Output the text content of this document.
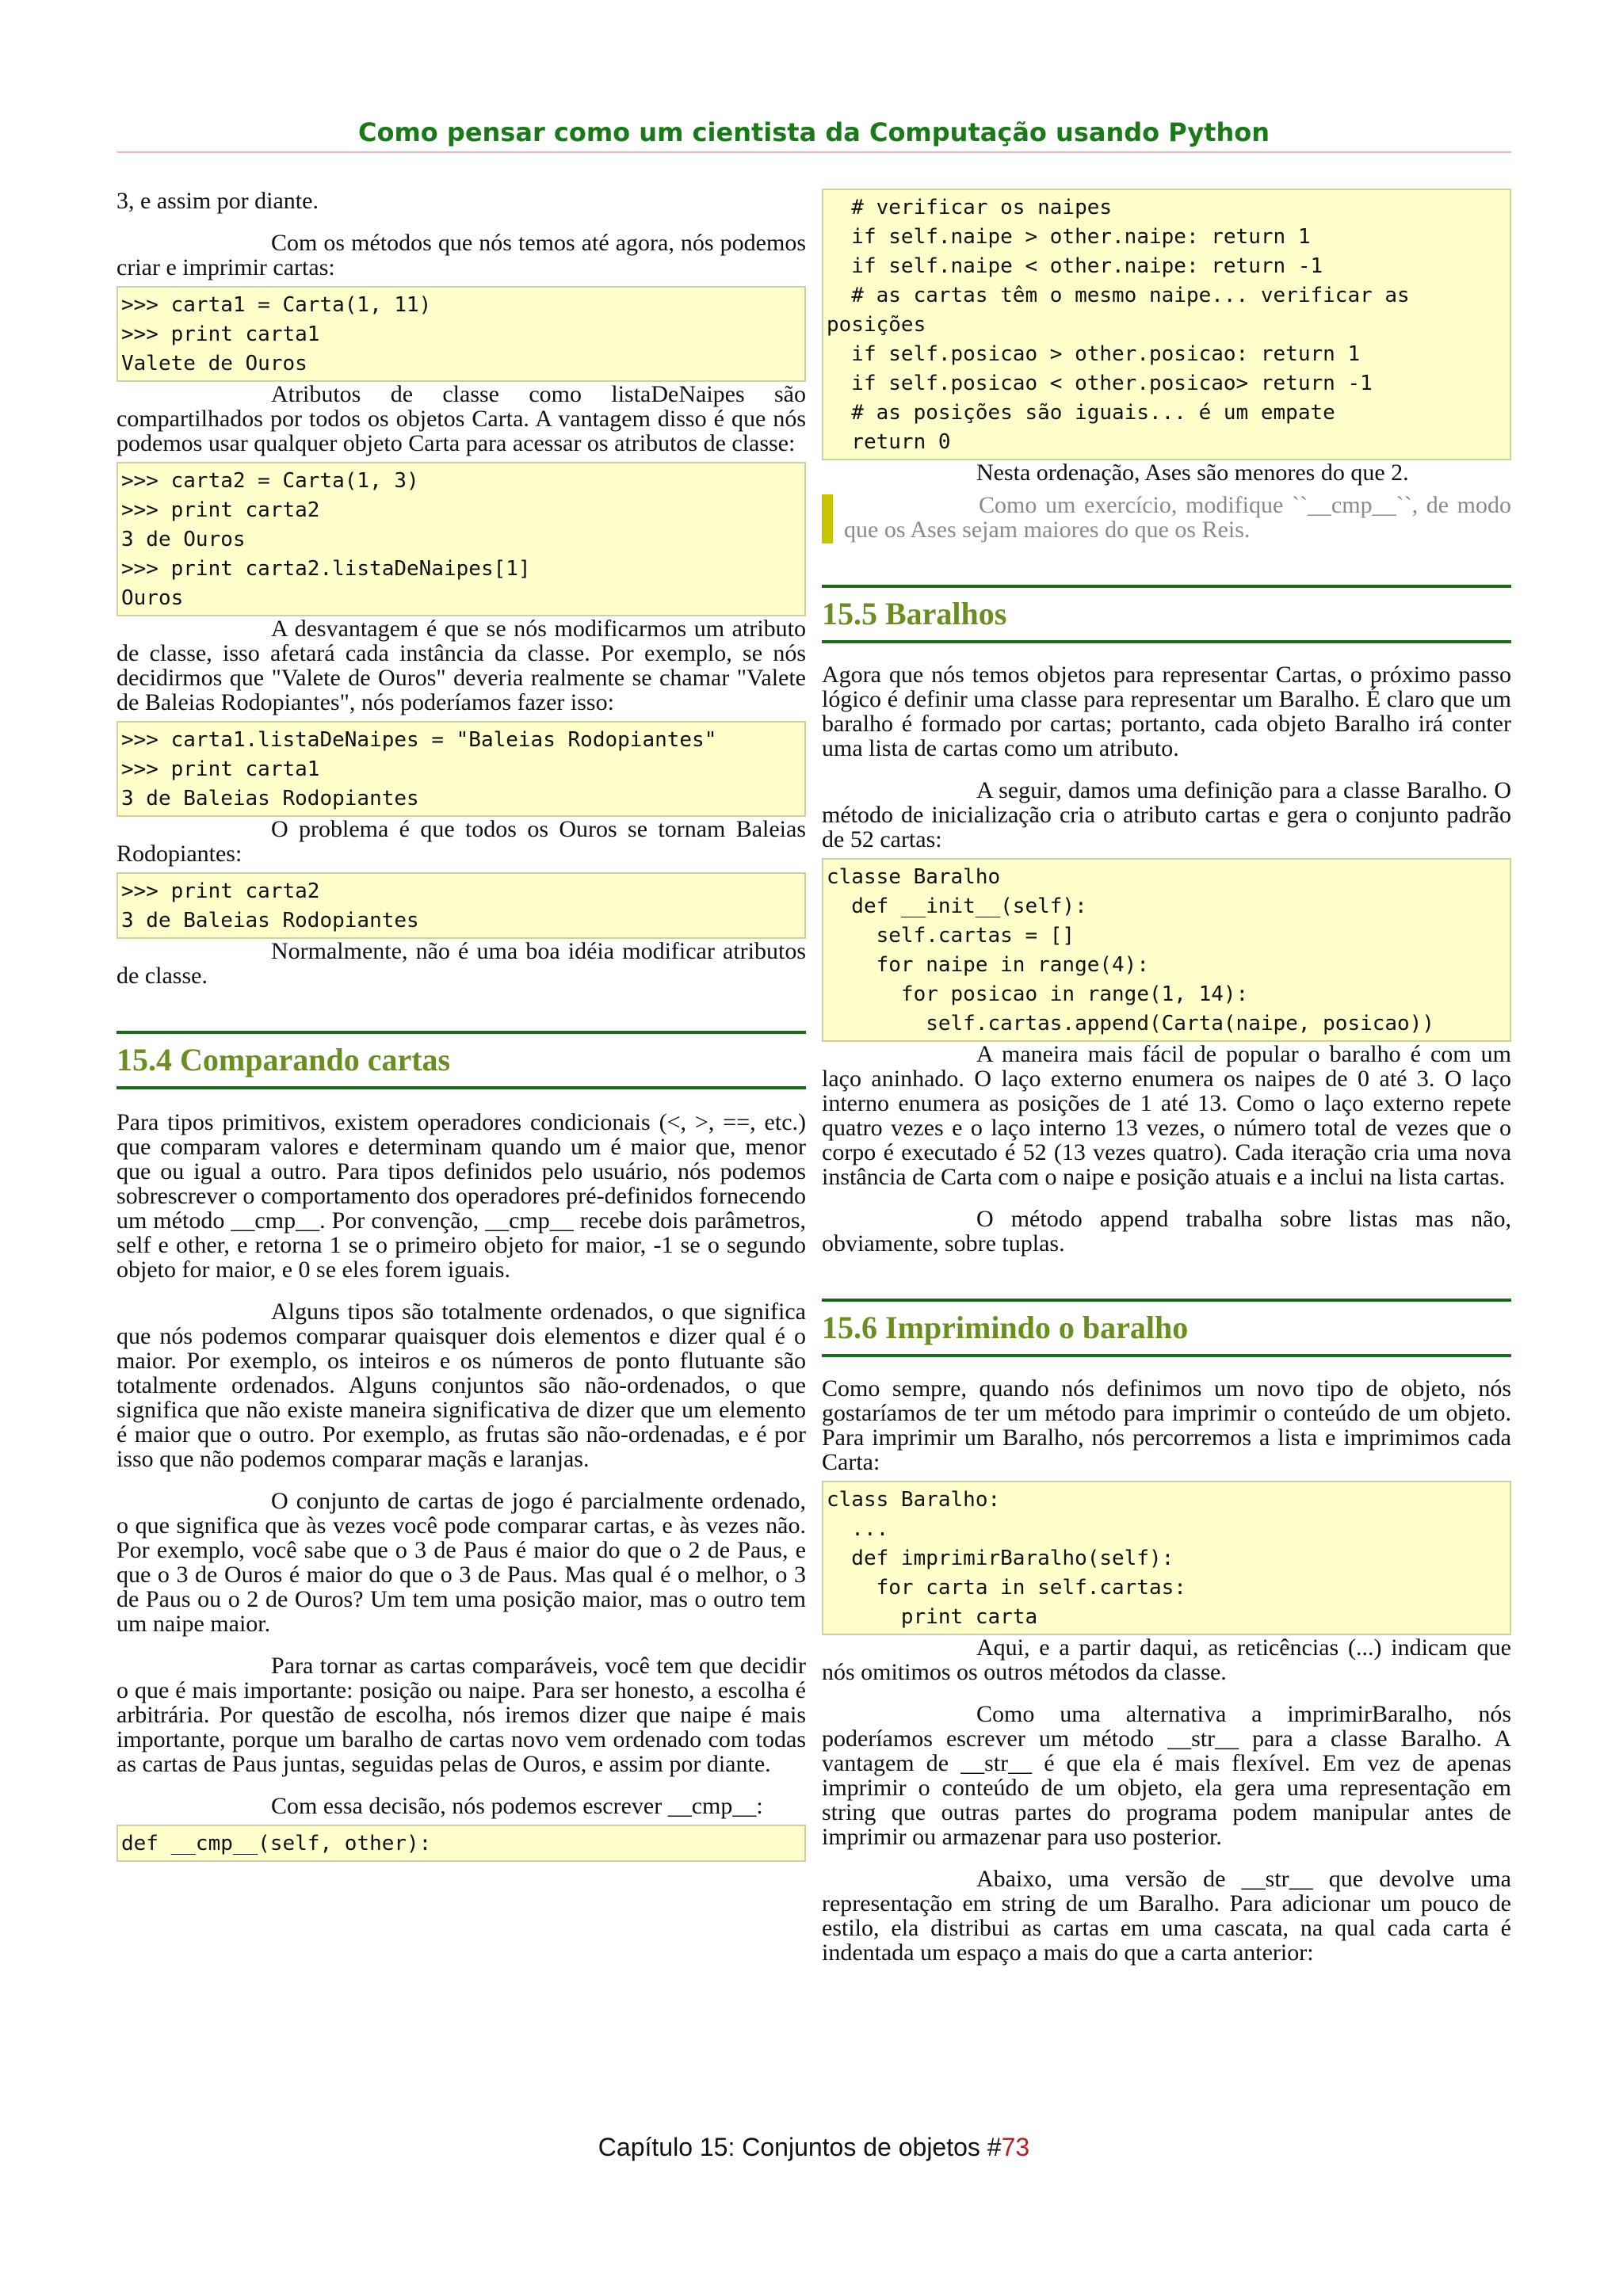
Como pensar como um cientista da Computação usando Python

3, e assim por diante.

Com os métodos que nós temos até agora, nós podemos criar e imprimir cartas:

>>> carta1 = Carta(1, 11)
>>> print carta1
Valete de Ouros

Atributos de classe como listaDeNaipes são compartilhados por todos os objetos Carta. A vantagem disso é que nós podemos usar qualquer objeto Carta para acessar os atributos de classe:

>>> carta2 = Carta(1, 3)
>>> print carta2
3 de Ouros
>>> print carta2.listaDeNaipes[1]
Ouros

A desvantagem é que se nós modificarmos um atributo de classe, isso afetará cada instância da classe. Por exemplo, se nós decidirmos que "Valete de Ouros" deveria realmente se chamar "Valete de Baleias Rodopiantes", nós poderíamos fazer isso:

>>> carta1.listaDeNaipes = "Baleias Rodopiantes"
>>> print carta1
3 de Baleias Rodopiantes

O problema é que todos os Ouros se tornam Baleias Rodopiantes:

>>> print carta2
3 de Baleias Rodopiantes

Normalmente, não é uma boa idéia modificar atributos de classe.

15.4 Comparando cartas

Para tipos primitivos, existem operadores condicionais (<, >, ==, etc.) que comparam valores e determinam quando um é maior que, menor que ou igual a outro. Para tipos definidos pelo usuário, nós podemos sobrescrever o comportamento dos operadores pré-definidos fornecendo um método __cmp__. Por convenção, __cmp__ recebe dois parâmetros, self e other, e retorna 1 se o primeiro objeto for maior, -1 se o segundo objeto for maior, e 0 se eles forem iguais.

Alguns tipos são totalmente ordenados, o que significa que nós podemos comparar quaisquer dois elementos e dizer qual é o maior. Por exemplo, os inteiros e os números de ponto flutuante são totalmente ordenados. Alguns conjuntos são não-ordenados, o que significa que não existe maneira significativa de dizer que um elemento é maior que o outro. Por exemplo, as frutas são não-ordenadas, e é por isso que não podemos comparar maçãs e laranjas.

O conjunto de cartas de jogo é parcialmente ordenado, o que significa que às vezes você pode comparar cartas, e às vezes não. Por exemplo, você sabe que o 3 de Paus é maior do que o 2 de Paus, e que o 3 de Ouros é maior do que o 3 de Paus. Mas qual é o melhor, o 3 de Paus ou o 2 de Ouros? Um tem uma posição maior, mas o outro tem um naipe maior.

Para tornar as cartas comparáveis, você tem que decidir o que é mais importante: posição ou naipe. Para ser honesto, a escolha é arbitrária. Por questão de escolha, nós iremos dizer que naipe é mais importante, porque um baralho de cartas novo vem ordenado com todas as cartas de Paus juntas, seguidas pelas de Ouros, e assim por diante.

Com essa decisão, nós podemos escrever __cmp__:

def __cmp__(self, other):
# verificar os naipes
if self.naipe > other.naipe: return 1
if self.naipe < other.naipe: return -1
# as cartas têm o mesmo naipe... verificar as
posições
if self.posicao > other.posicao: return 1
if self.posicao < other.posicao> return -1
# as posições são iguais... é um empate
return 0

Nesta ordenação, Ases são menores do que 2.

Como um exercício, modifique ``__cmp__``, de modo que os Ases sejam maiores do que os Reis.
15.5 Baralhos

Agora que nós temos objetos para representar Cartas, o próximo passo lógico é definir uma classe para representar um Baralho. É claro que um baralho é formado por cartas; portanto, cada objeto Baralho irá conter uma lista de cartas como um atributo.

A seguir, damos uma definição para a classe Baralho. O método de inicialização cria o atributo cartas e gera o conjunto padrão de 52 cartas:

classe Baralho
def __init__(self):
self.cartas = []
for naipe in range(4):
for posicao in range(1, 14):
self.cartas.append(Carta(naipe, posicao))

A maneira mais fácil de popular o baralho é com um laço aninhado. O laço externo enumera os naipes de 0 até 3. O laço interno enumera as posições de 1 até 13. Como o laço externo repete quatro vezes e o laço interno 13 vezes, o número total de vezes que o corpo é executado é 52 (13 vezes quatro). Cada iteração cria uma nova instância de Carta com o naipe e posição atuais e a inclui na lista cartas.

O método append trabalha sobre listas mas não, obviamente, sobre tuplas.

15.6 Imprimindo o baralho

Como sempre, quando nós definimos um novo tipo de objeto, nós gostaríamos de ter um método para imprimir o conteúdo de um objeto. Para imprimir um Baralho, nós percorremos a lista e imprimimos cada Carta:

class Baralho:
...
def imprimirBaralho(self):
for carta in self.cartas:
print carta

Aqui, e a partir daqui, as reticências (...) indicam que nós omitimos os outros métodos da classe.

Como uma alternativa a imprimirBaralho, nós poderíamos escrever um método __str__ para a classe Baralho. A vantagem de __str__ é que ela é mais flexível. Em vez de apenas imprimir o conteúdo de um objeto, ela gera uma representação em string que outras partes do programa podem manipular antes de imprimir ou armazenar para uso posterior.

Abaixo, uma versão de __str__ que devolve uma representação em string de um Baralho. Para adicionar um pouco de estilo, ela distribui as cartas em uma cascata, na qual cada carta é indentada um espaço a mais do que a carta anterior:

Capítulo 15: Conjuntos de objetos #73
